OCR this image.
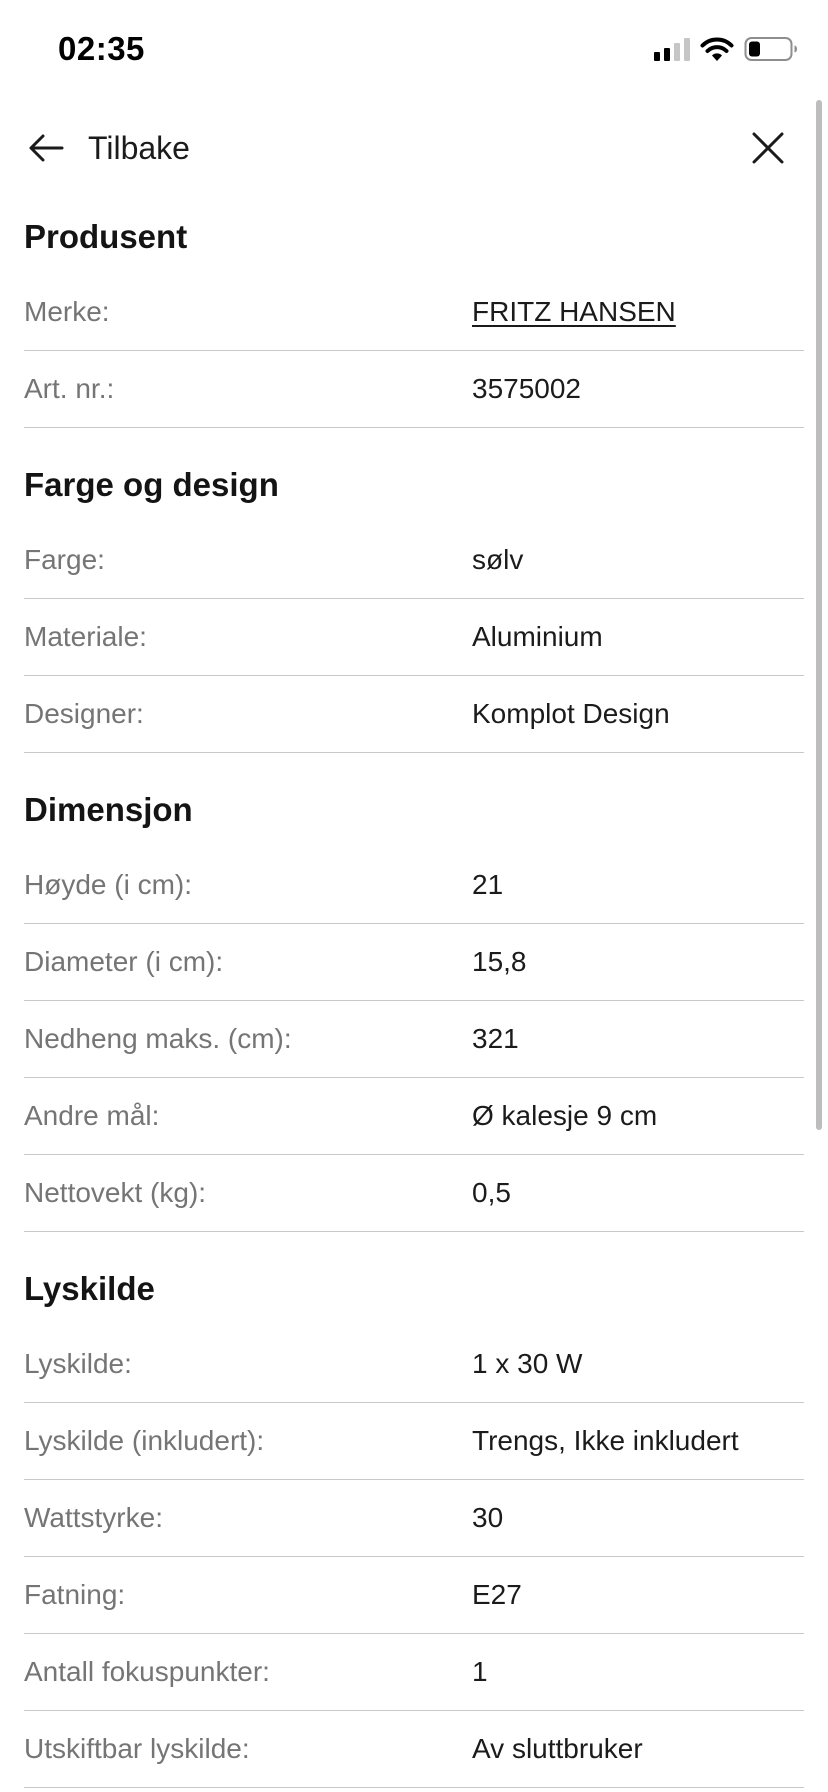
02:35
Tilbake
Produsent
Merke:	FRITZ HANSEN
Art. nr.:	3575002
Farge og design
Farge:	sølv
Materiale:	Aluminium
Designer:	Komplot Design
Dimensjon
Høyde (i cm):	21
Diameter (i cm):	15,8
Nedheng maks. (cm):	321
Andre mål:	Ø kalesje 9 cm
Nettovekt (kg):	0,5
Lyskilde
Lyskilde:	1 x 30 W
Lyskilde (inkludert):	Trengs, Ikke inkludert
Wattstyrke:	30
Fatning:	E27
Antall fokuspunkter:	1
Utskiftbar lyskilde:	Av sluttbruker
